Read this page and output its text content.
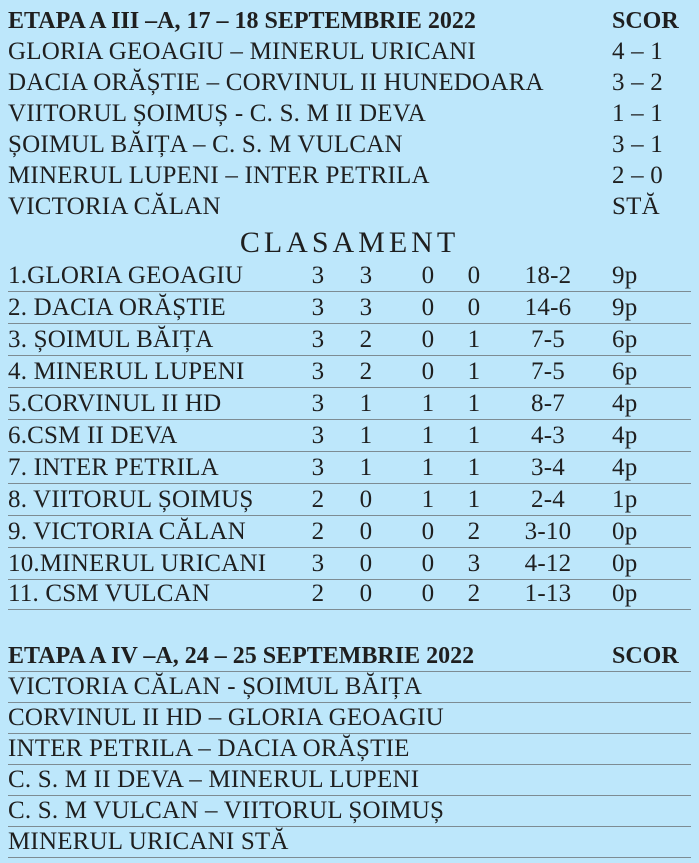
ETAPA A III –A, 17 – 18 SEPTEMBRIE 2022	SCOR
GLORIA GEOAGIU – MINERUL URICANI	4 – 1
DACIA ORĂȘTIE – CORVINUL II HUNEDOARA	3 – 2
VIITORUL ȘOIMUȘ - C. S. M II DEVA	1 – 1
ȘOIMUL BĂIȚA – C. S. M VULCAN	3 – 1
MINERUL LUPENI – INTER PETRILA	2 – 0
VICTORIA CĂLAN	STĂ
CLASAMENT
1.GLORIA GEOAGIU	3 3 0 0	18-2	9p
2. DACIA ORĂȘTIE	3 3 0 0	14-6	9p
3. ȘOIMUL BĂIȚA	3 2 0 1	7-5	6p
4. MINERUL LUPENI	3 2 0 1	7-5	6p
5.CORVINUL II HD	3 1 1 1	8-7	4p
6.CSM II DEVA	3 1 1 1	4-3	4p
7. INTER PETRILA	3 1 1 1	3-4	4p
8. VIITORUL ȘOIMUȘ 2 0 1 1	2-4	1p
9. VICTORIA CĂLAN	2 0 0 2	3-10	0p
10.MINERUL URICANI 3 0 0 3	4-12	0p
11. CSM VULCAN	2 0 0 2	1-13	0p
ETAPA A IV –A, 24 – 25 SEPTEMBRIE 2022	SCOR
VICTORIA CĂLAN - ȘOIMUL BĂIȚA
CORVINUL II HD – GLORIA GEOAGIU
INTER PETRILA – DACIA ORĂȘTIE
C. S. M II DEVA – MINERUL LUPENI
C. S. M VULCAN – VIITORUL ȘOIMUȘ
MINERUL URICANI STĂ
